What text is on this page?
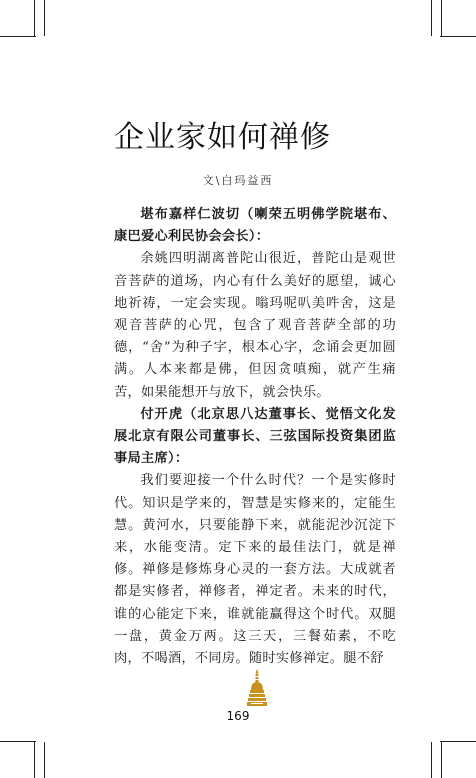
企业家如何禅修
文\白玛益西

堪布嘉样仁波切（喇荣五明佛学院堪布、康巴爱心利民协会会长）：

余姚四明湖离普陀山很近，普陀山是观世音菩萨的道场，内心有什么美好的愿望，诚心地祈祷，一定会实现。嗡玛呢叭美吽舍，这是观音菩萨的心咒，包含了观音菩萨全部的功德，“舍”为种子字，根本心字，念诵会更加圆满。人本来都是佛，但因贪嗔痴，就产生痛苦，如果能想开与放下，就会快乐。

付开虎（北京思八达董事长、觉悟文化发展北京有限公司董事长、三弦国际投资集团监事局主席）：

我们要迎接一个什么时代？一个是实修时代。知识是学来的，智慧是实修来的，定能生慧。黄河水，只要能静下来，就能泥沙沉淀下来，水能变清。定下来的最佳法门，就是禅修。禅修是修炼身心灵的一套方法。大成就者都是实修者，禅修者，禅定者。未来的时代，谁的心能定下来，谁就能赢得这个时代。双腿一盘，黄金万两。这三天，三餐茹素，不吃肉，不喝酒，不同房。随时实修禅定。腿不舒

169
